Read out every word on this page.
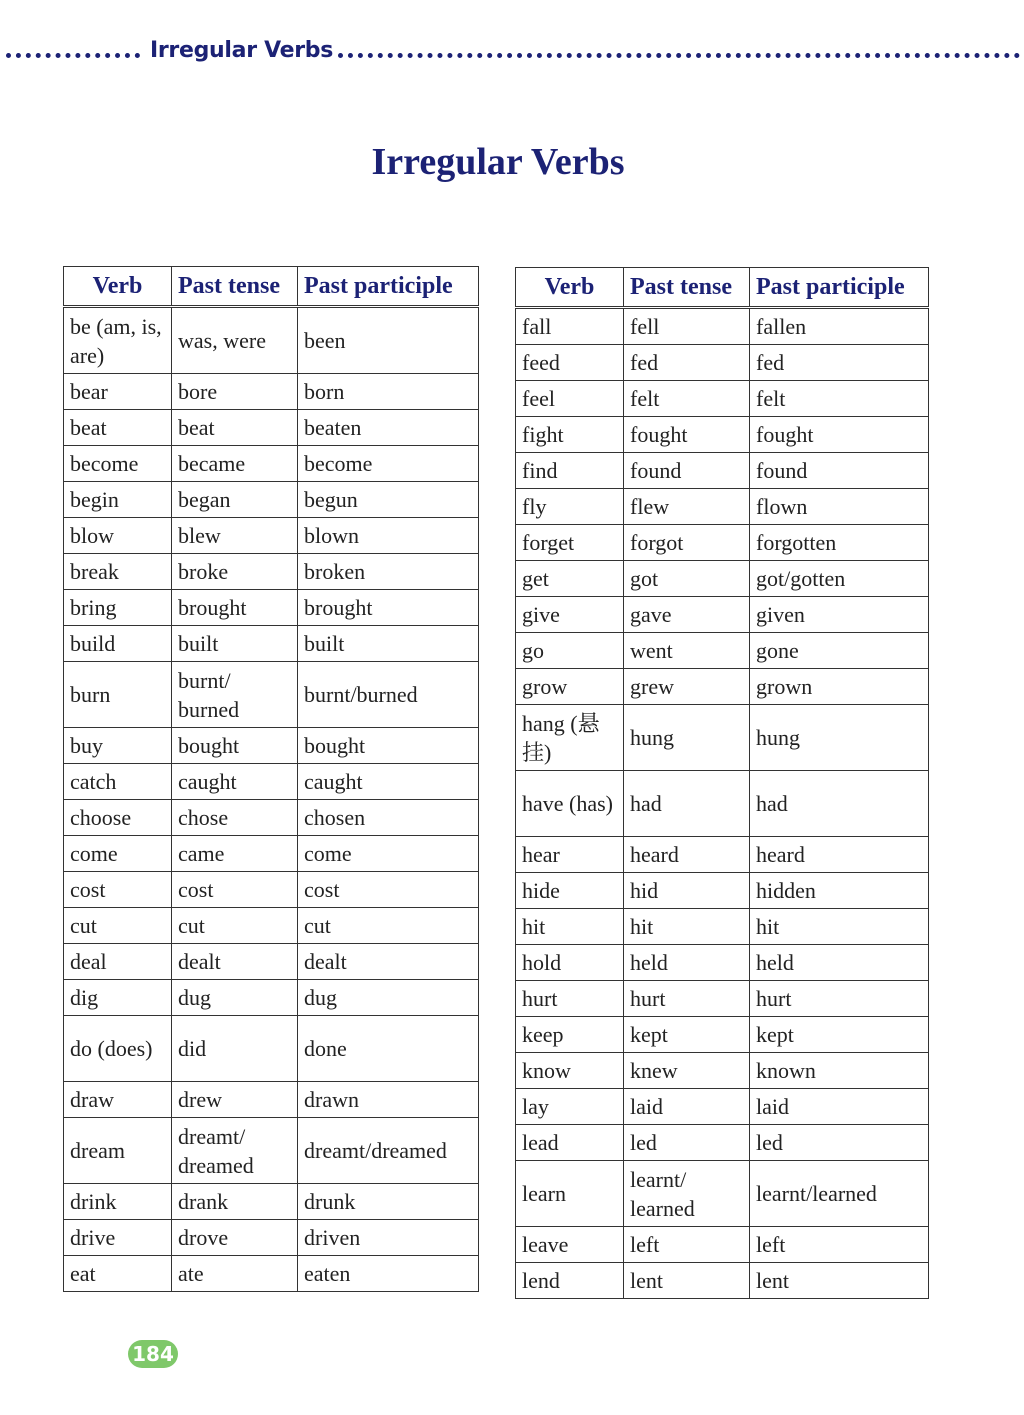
Irregular Verbs
Irregular Verbs
Verb	Past tense	Past participle
be (am, is, are)	was, were	been
bear	bore	born
beat	beat	beaten
become	became	become
begin	began	begun
blow	blew	blown
break	broke	broken
bring	brought	brought
build	built	built
burn	burnt/ burned	burnt/burned
buy	bought	bought
catch	caught	caught
choose	chose	chosen
come	came	come
cost	cost	cost
cut	cut	cut
deal	dealt	dealt
dig	dug	dug
do (does)	did	done
draw	drew	drawn
dream	dreamt/ dreamed	dreamt/dreamed
drink	drank	drunk
drive	drove	driven
eat	ate	eaten
Verb	Past tense	Past participle
fall	fell	fallen
feed	fed	fed
feel	felt	felt
fight	fought	fought
find	found	found
fly	flew	flown
forget	forgot	forgotten
get	got	got/gotten
give	gave	given
go	went	gone
grow	grew	grown
hang (悬挂)	hung	hung
have (has)	had	had
hear	heard	heard
hide	hid	hidden
hit	hit	hit
hold	held	held
hurt	hurt	hurt
keep	kept	kept
know	knew	known
lay	laid	laid
lead	led	led
learn	learnt/ learned	learnt/learned
leave	left	left
lend	lent	lent
184
